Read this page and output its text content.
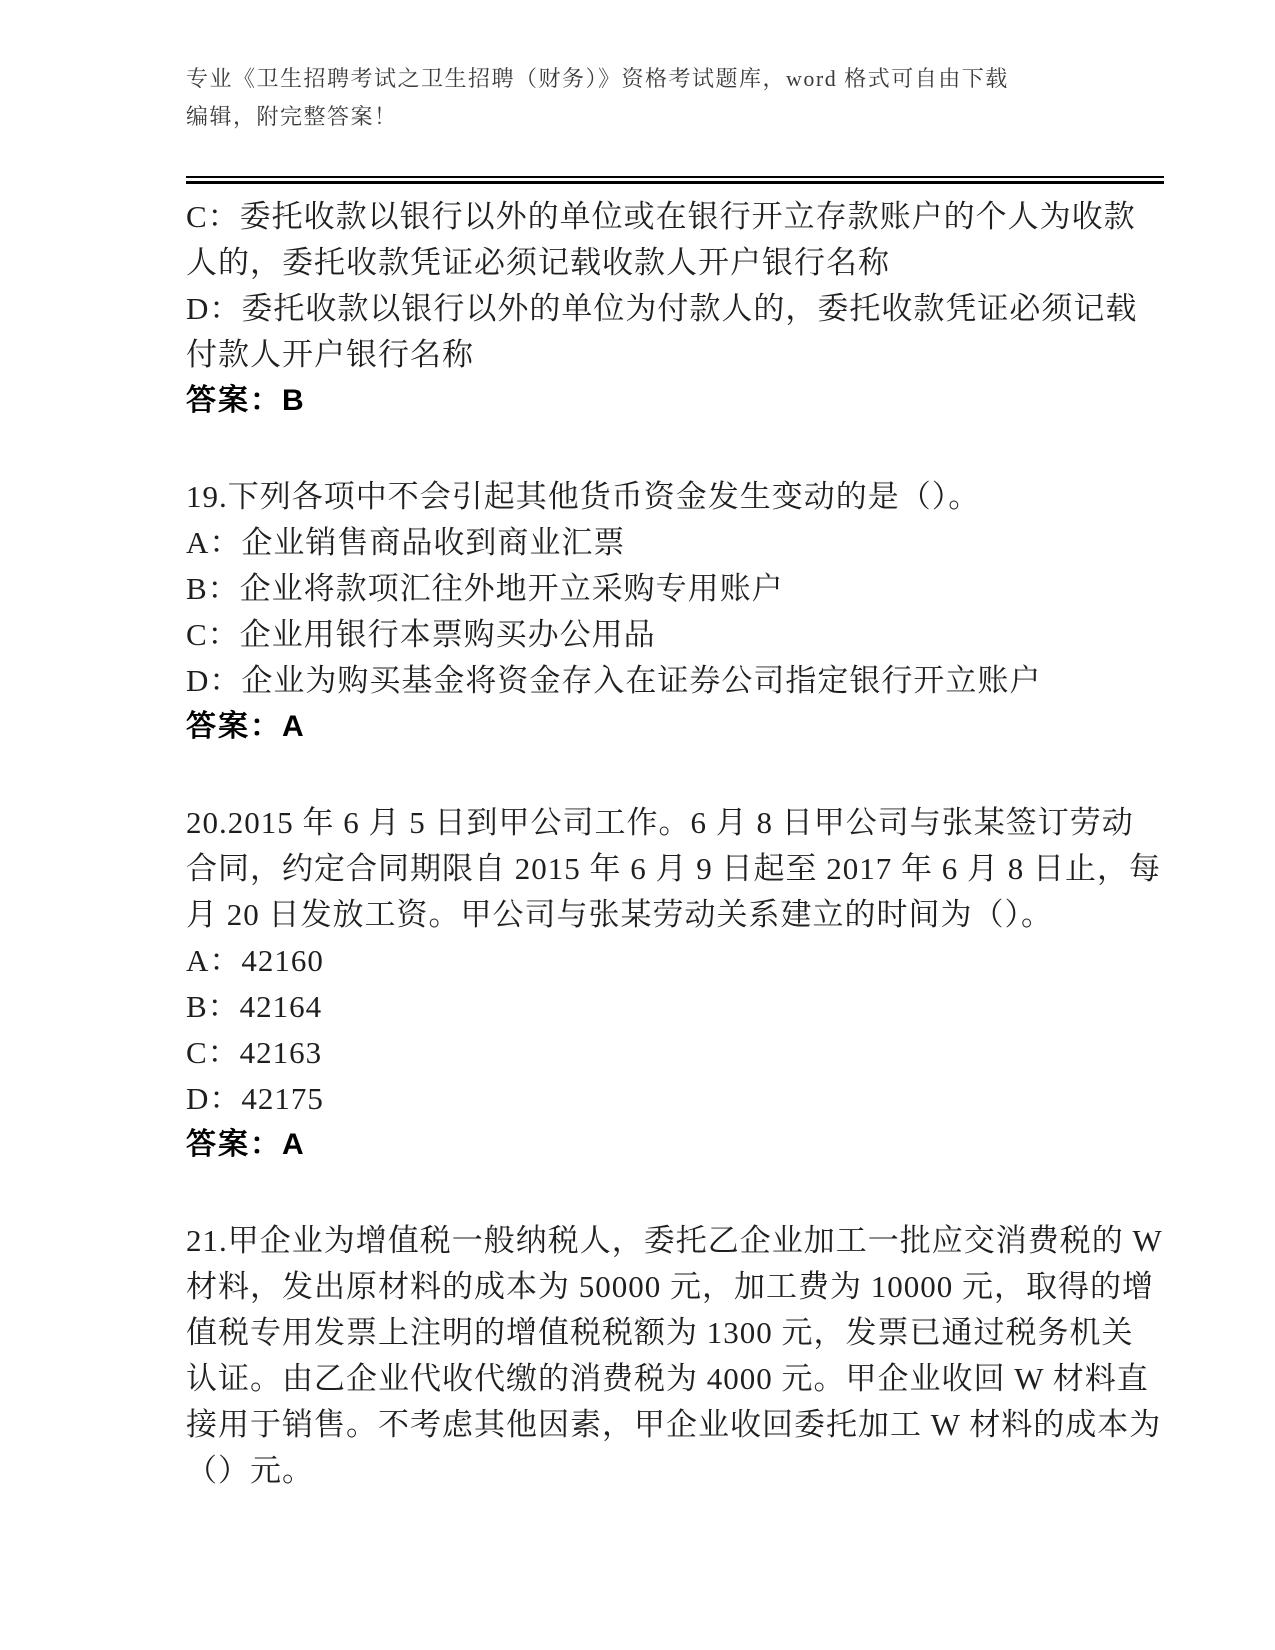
专业《卫生招聘考试之卫生招聘（财务）》资格考试题库，word 格式可自由下载

编辑，附完整答案！

C：委托收款以银行以外的单位或在银行开立存款账户的个人为收款人的，委托收款凭证必须记载收款人开户银行名称

D：委托收款以银行以外的单位为付款人的，委托收款凭证必须记载付款人开户银行名称

答案：B

19.下列各项中不会引起其他货币资金发生变动的是（）。

A：企业销售商品收到商业汇票

B：企业将款项汇往外地开立采购专用账户

C：企业用银行本票购买办公用品

D：企业为购买基金将资金存入在证券公司指定银行开立账户

答案：A

20.2015 年 6 月 5 日到甲公司工作。6 月 8 日甲公司与张某签订劳动合同，约定合同期限自 2015 年 6 月 9 日起至 2017 年 6 月 8 日止，每月 20 日发放工资。甲公司与张某劳动关系建立的时间为（）。

A：42160

B：42164

C：42163

D：42175

答案：A

21.甲企业为增值税一般纳税人，委托乙企业加工一批应交消费税的 W 材料，发出原材料的成本为 50000 元，加工费为 10000 元，取得的增值税专用发票上注明的增值税税额为 1300 元，发票已通过税务机关认证。由乙企业代收代缴的消费税为 4000 元。甲企业收回 W 材料直接用于销售。不考虑其他因素，甲企业收回委托加工 W 材料的成本为（）元。
